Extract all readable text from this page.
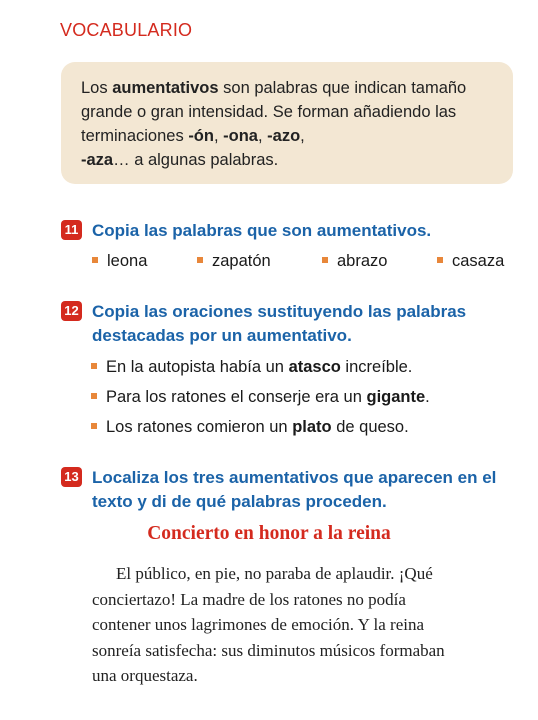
VOCABULARIO
Los aumentativos son palabras que indican tamaño grande o gran intensidad. Se forman añadiendo las terminaciones -ón, -ona, -azo,
-aza… a algunas palabras.
11 Copia las palabras que son aumentativos.
leona	zapatón	abrazo	casaza
12 Copia las oraciones sustituyendo las palabras destacadas por un aumentativo.
En la autopista había un atasco increíble.
Para los ratones el conserje era un gigante.
Los ratones comieron un plato de queso.
13 Localiza los tres aumentativos que aparecen en el texto y di de qué palabras proceden.
Concierto en honor a la reina
El público, en pie, no paraba de aplaudir. ¡Qué
conciertazo! La madre de los ratones no podía
contener unos lagrimones de emoción. Y la reina
sonreía satisfecha: sus diminutos músicos formaban
una orquestaza.
